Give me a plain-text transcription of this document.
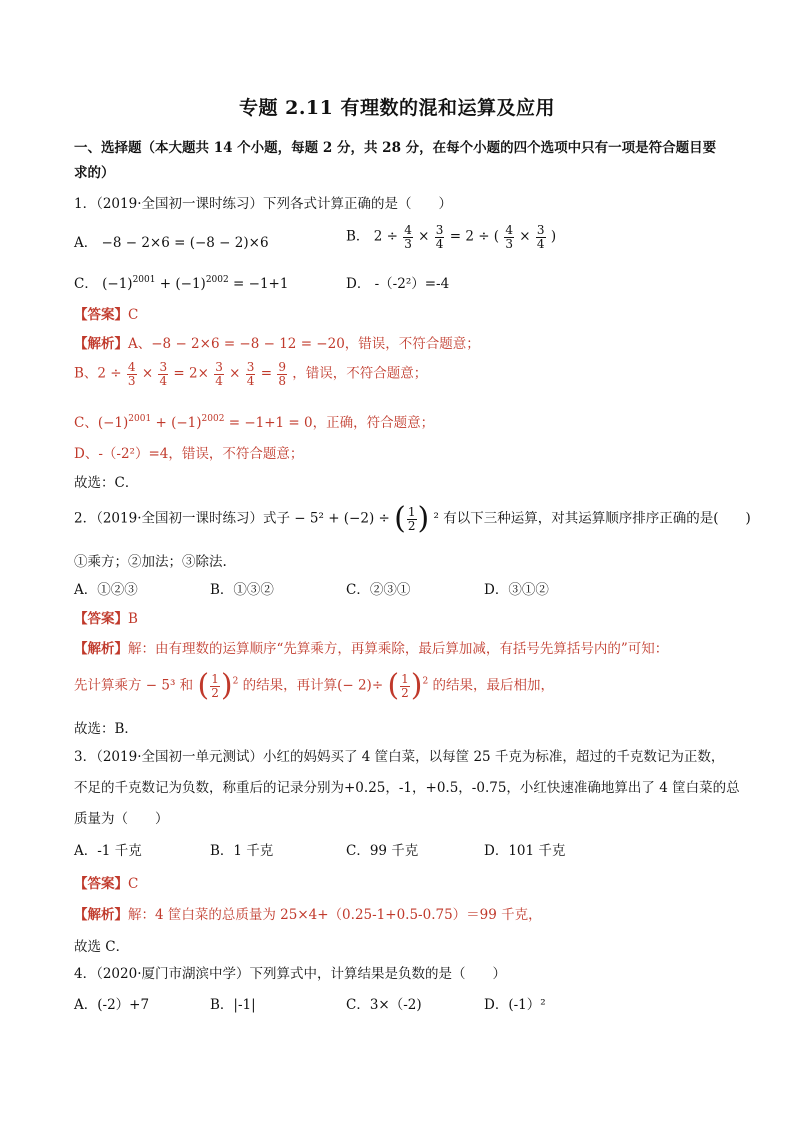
专题 2.11 有理数的混和运算及应用
一、选择题（本大题共 14 个小题，每题 2 分，共 28 分，在每个小题的四个选项中只有一项是符合题目要
求的）
1．（2019·全国初一课时练习）下列各式计算正确的是（　　）
A． −8 − 2×6 = (−8 − 2)×6	B． $2 \div \frac{4}{3} \times \frac{3}{4} = 2$ ÷ ( $\frac{4}{3} \times \frac{3}{4}$ )
C． $(-1)^{2001} + (-1)^{2002} = -1+1$	D． -（-2²）=-4
【答案】C
【解析】A、−8 − 2×6 = −8 − 12 = −20，错误，不符合题意；
B、$2 \div \frac{4}{3} \times \frac{3}{4} = 2\times \frac{3}{4} \times \frac{3}{4} = \frac{9}{8}$ ，错误，不符合题意；
C、$(-1)^{2001} + (-1)^{2002} = -1+1 = 0$，正确，符合题意；
D、-（-2²）=4，错误，不符合题意；
故选：C．
2．（2019·全国初一课时练习）式子 − 5² + (−2) ÷ ( $\frac{1}{2}$ ) ² 有以下三种运算，对其运算顺序排序正确的是(　　)
①乘方；②加法；③除法.
A．①②③	B．①③②	C．②③①	D．③①②
【答案】B
【解析】解：由有理数的运算顺序“先算乘方，再算乘除，最后算加减，有括号先算括号内的”可知：
先计算乘方 − 5³ 和 ( $\frac{1}{2} )^2$ 的结果，再计算(− 2)÷ ( $\frac{1}{2} )^2$ 的结果，最后相加，
故选：B．
3．（2019·全国初一单元测试）小红的妈妈买了 4 筐白菜，以每筐 25 千克为标准，超过的千克数记为正数，
不足的千克数记为负数，称重后的记录分别为+0.25，-1，+0.5，-0.75，小红快速准确地算出了 4 筐白菜的总
质量为（　　）
A．-1 千克	B．1 千克	C．99 千克	D．101 千克
【答案】C
【解析】解：4 筐白菜的总质量为 25×4+（0.25-1+0.5-0.75）＝99 千克，
故选 C．
4．（2020·厦门市湖滨中学）下列算式中，计算结果是负数的是（　　）
A．(-2）+7	B．|-1|	C．3×（-2)	D．(-1）²
